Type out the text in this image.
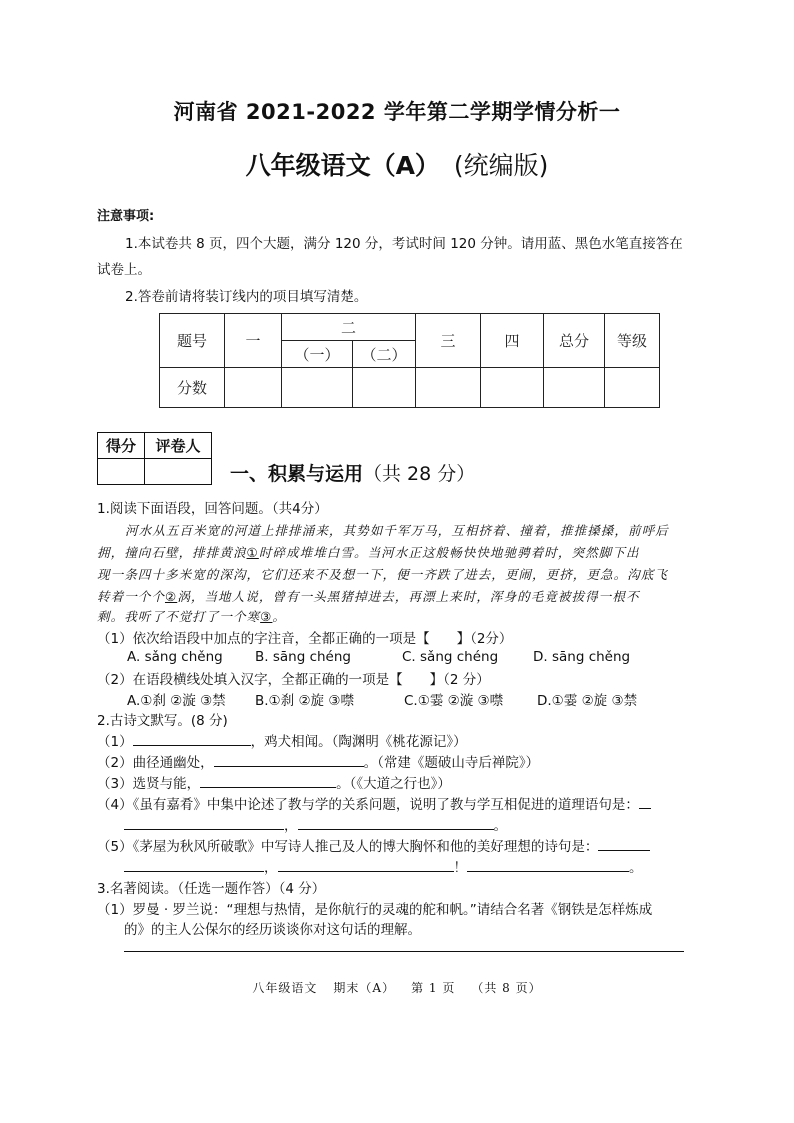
河南省 2021-2022 学年第二学期学情分析一
八年级语文（A） (统编版)
注意事项:
1.本试卷共 8 页，四个大题，满分 120 分，考试时间 120 分钟。请用蓝、黑色水笔直接答在
试卷上。
2.答卷前请将装订线内的项目填写清楚。
题号	一	二		三	四	总分	等级
		（一）	（二）				
分数							
得分	评卷人

一、积累与运用（共 28 分）
1.阅读下面语段，回答问题。（共4分）
河水从五百米宽的河道上排排涌来，其势如千军万马，互相挤着、撞着，推推搡搡，前呼后
拥，撞向石壁，排排黄浪①时碎成堆堆白雪。当河水正这般畅快快地驰骋着时，突然脚下出
现一条四十多米宽的深沟，它们还来不及想一下，便一齐跌了进去，更闹，更挤，更急。沟底飞
转着一个个②涡，当地人说，曾有一头黑猪掉进去，再漂上来时，浑身的毛竟被拔得一根不
剩。我听了不觉打了一个寒③。
（1）依次给语段中加点的字注音，全都正确的一项是【　　】（2分）
A. sǎng chěng B. sāng chéng	C. sǎng chéng	D. sāng chěng
（2）在语段横线处填入汉字，全都正确的一项是【　　】（2 分）
A.①刹 ②漩 ③禁 B.①刹 ②旋 ③噤	C.①霎 ②漩 ③噤	D.①霎 ②旋 ③禁
2.古诗文默写。(8 分)
（1）	，鸡犬相闻。（陶渊明《桃花源记》）
（2）曲径通幽处，	。（常建《题破山寺后禅院》）
（3）选贤与能，	。（《大道之行也》）
（4）《虽有嘉肴》中集中论述了教与学的关系问题，说明了教与学互相促进的道理语句是：
，	。
（5）《茅屋为秋风所破歌》中写诗人推己及人的博大胸怀和他的美好理想的诗句是：
，	！	。
3.名著阅读。（任选一题作答）（4 分）
（1）罗曼 · 罗兰说：“理想与热情，是你航行的灵魂的舵和帆。”请结合名著《钢铁是怎样炼成
的》的主人公保尔的经历谈谈你对这句话的理解。
八年级语文 期末（A） 第 1 页 （共 8 页）
